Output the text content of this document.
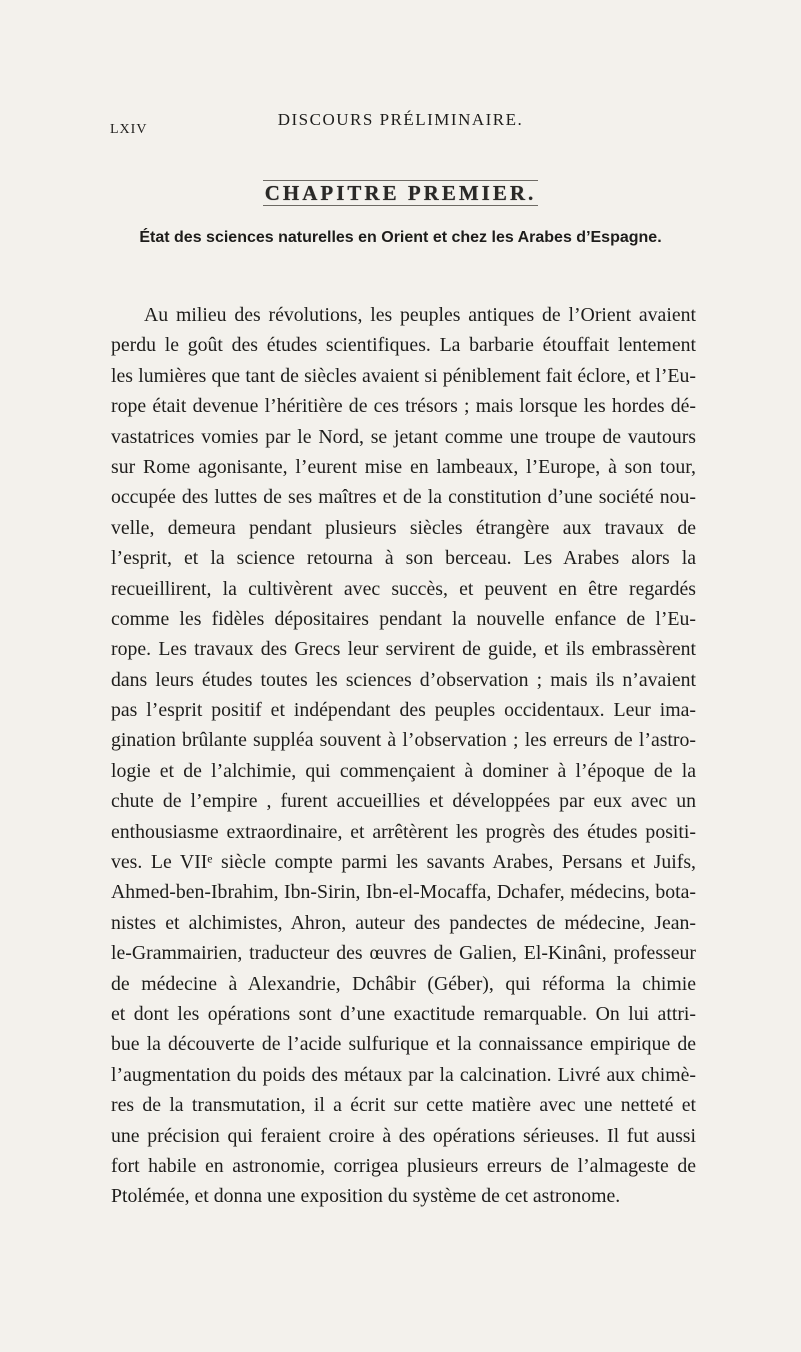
LXIV
DISCOURS PRÉLIMINAIRE.
CHAPITRE PREMIER.
État des sciences naturelles en Orient et chez les Arabes d’Espagne.
Au milieu des révolutions, les peuples antiques de l’Orient avaient
perdu le goût des études scientifiques. La barbarie étouffait lentement
les lumières que tant de siècles avaient si péniblement fait éclore, et l’Eu-
rope était devenue l’héritière de ces trésors ; mais lorsque les hordes dé-
vastatrices vomies par le Nord, se jetant comme une troupe de vautours
sur Rome agonisante, l’eurent mise en lambeaux, l’Europe, à son tour,
occupée des luttes de ses maîtres et de la constitution d’une société nou-
velle, demeura pendant plusieurs siècles étrangère aux travaux de
l’esprit, et la science retourna à son berceau. Les Arabes alors la
recueillirent, la cultivèrent avec succès, et peuvent en être regardés
comme les fidèles dépositaires pendant la nouvelle enfance de l’Eu-
rope. Les travaux des Grecs leur servirent de guide, et ils embrassèrent
dans leurs études toutes les sciences d’observation ; mais ils n’avaient
pas l’esprit positif et indépendant des peuples occidentaux. Leur ima-
gination brûlante suppléa souvent à l’observation ; les erreurs de l’astro-
logie et de l’alchimie, qui commençaient à dominer à l’époque de la
chute de l’empire , furent accueillies et développées par eux avec un
enthousiasme extraordinaire, et arrêtèrent les progrès des études positi-
ves. Le VIIᵉ siècle compte parmi les savants Arabes, Persans et Juifs,
Ahmed-ben-Ibrahim, Ibn-Sirin, Ibn-el-Mocaffa, Dchafer, médecins, bota-
nistes et alchimistes, Ahron, auteur des pandectes de médecine, Jean-
le-Grammairien, traducteur des œuvres de Galien, El-Kinâni, professeur
de médecine à Alexandrie, Dchâbir (Géber), qui réforma la chimie
et dont les opérations sont d’une exactitude remarquable. On lui attri-
bue la découverte de l’acide sulfurique et la connaissance empirique de
l’augmentation du poids des métaux par la calcination. Livré aux chimè-
res de la transmutation, il a écrit sur cette matière avec une netteté et
une précision qui feraient croire à des opérations sérieuses. Il fut aussi
fort habile en astronomie, corrigea plusieurs erreurs de l’almageste de
Ptolémée, et donna une exposition du système de cet astronome.
